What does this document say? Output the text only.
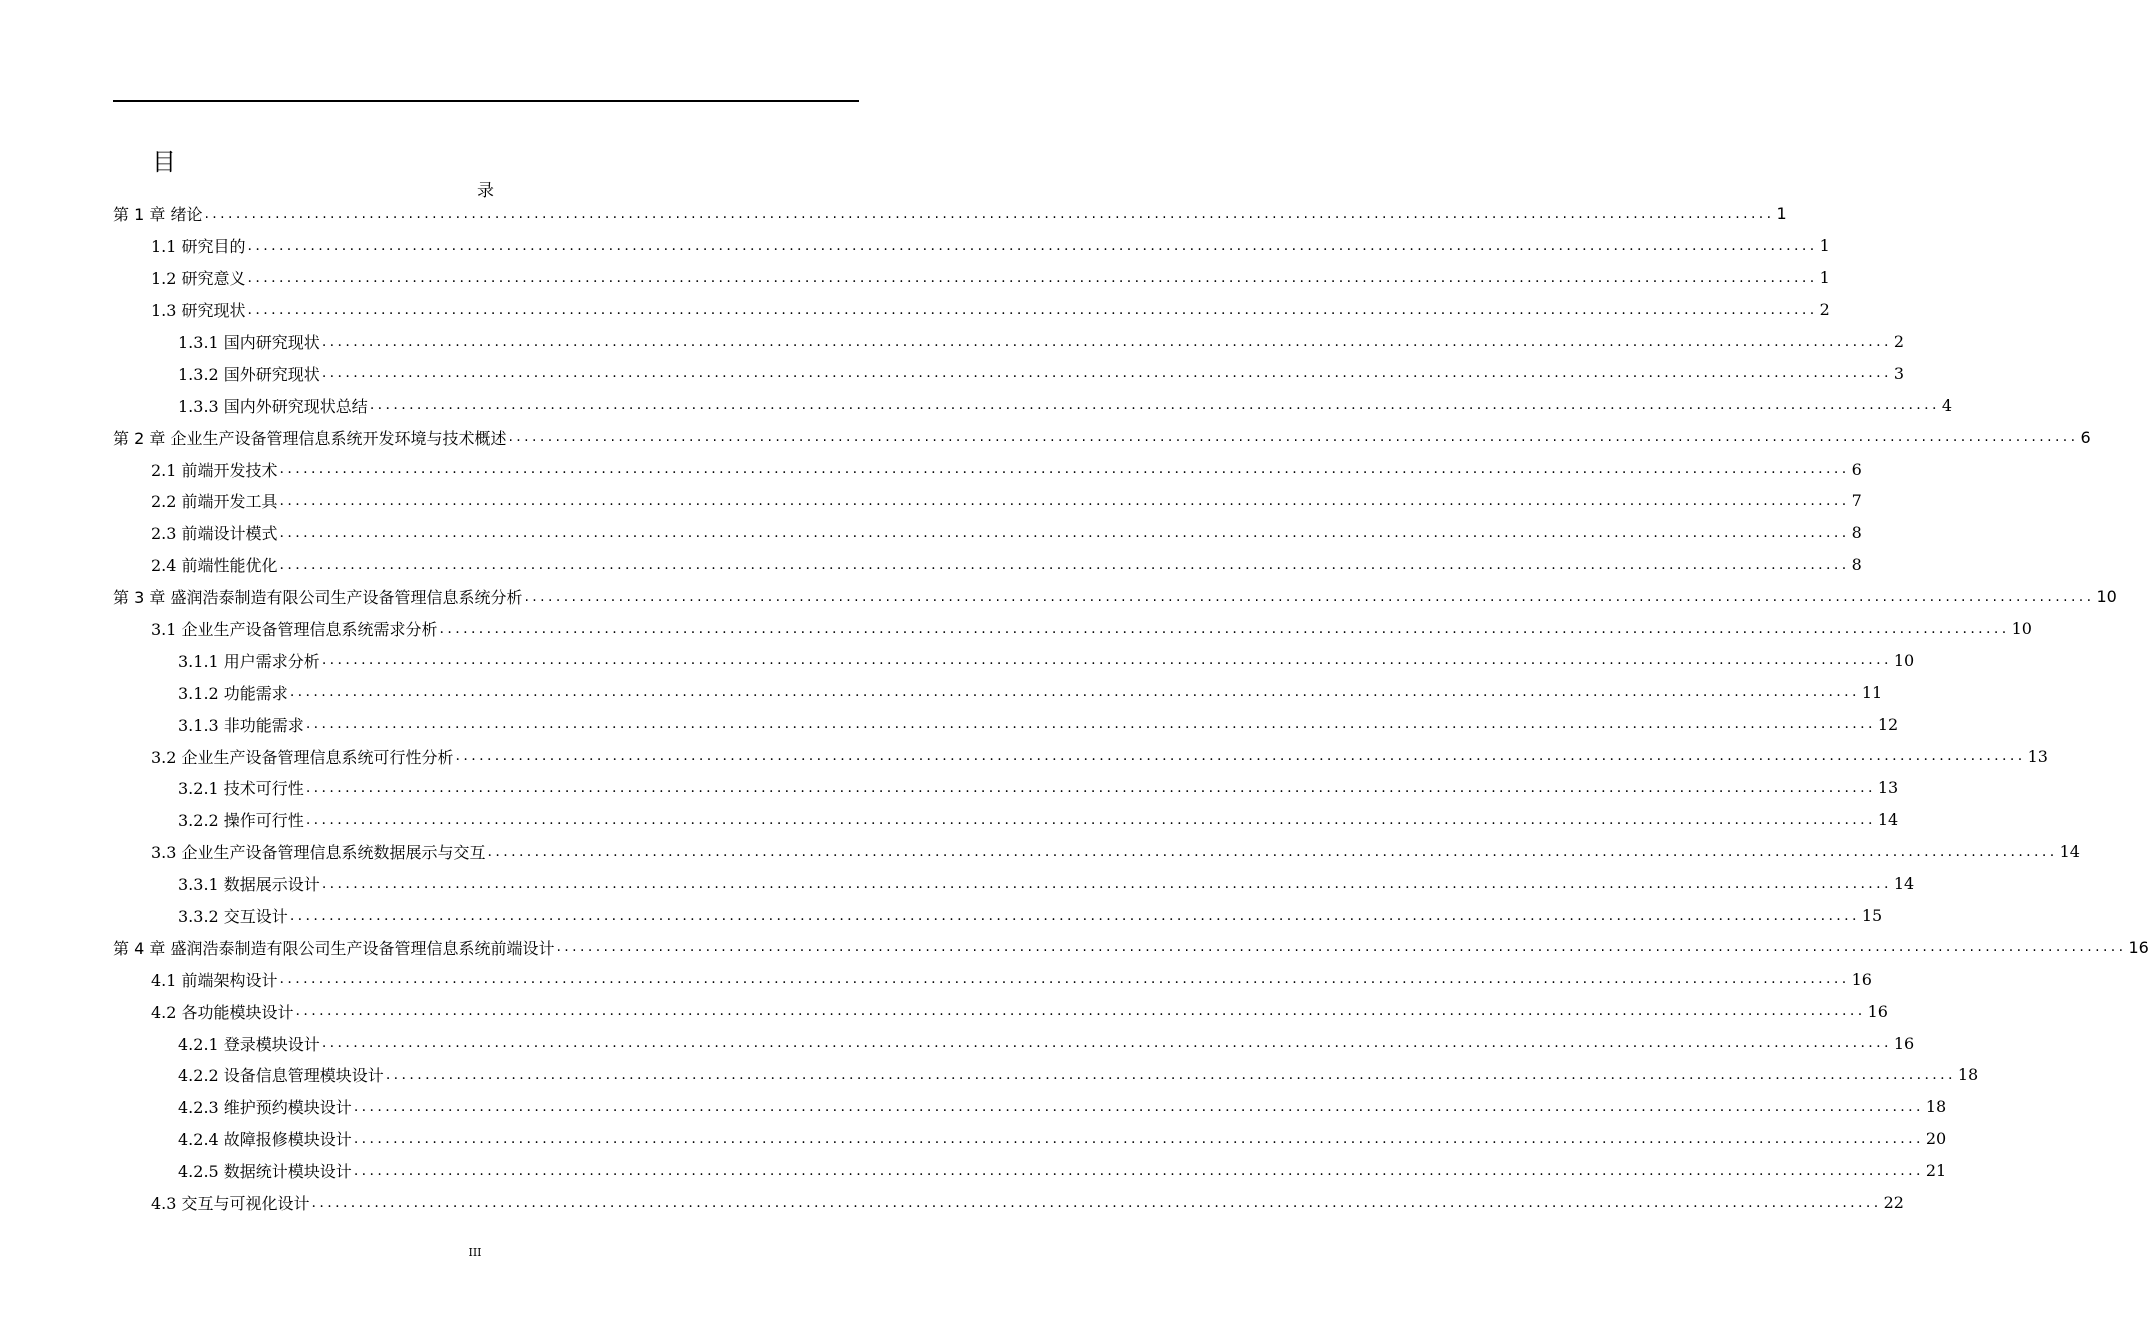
目
录
第 1 章 绪论 ........................................................................................................................................................................................................ 1
1.1 研究目的 ........................................................................................................................................................................................................ 1
1.2 研究意义 ........................................................................................................................................................................................................ 1
1.3 研究现状 ........................................................................................................................................................................................................ 2
1.3.1 国内研究现状 ........................................................................................................................................................................................................ 2
1.3.2 国外研究现状 ........................................................................................................................................................................................................ 3
1.3.3 国内外研究现状总结 ........................................................................................................................................................................................................ 4
第 2 章 企业生产设备管理信息系统开发环境与技术概述 ........................................................................................................................................................................................................ 6
2.1 前端开发技术 ........................................................................................................................................................................................................ 6
2.2 前端开发工具 ........................................................................................................................................................................................................ 7
2.3 前端设计模式 ........................................................................................................................................................................................................ 8
2.4 前端性能优化 ........................................................................................................................................................................................................ 8
第 3 章 盛润浩泰制造有限公司生产设备管理信息系统分析 ........................................................................................................................................................................................................ 10
3.1 企业生产设备管理信息系统需求分析 ........................................................................................................................................................................................................ 10
3.1.1 用户需求分析 ........................................................................................................................................................................................................ 10
3.1.2 功能需求 ........................................................................................................................................................................................................ 11
3.1.3 非功能需求 ........................................................................................................................................................................................................ 12
3.2 企业生产设备管理信息系统可行性分析 ........................................................................................................................................................................................................ 13
3.2.1 技术可行性 ........................................................................................................................................................................................................ 13
3.2.2 操作可行性 ........................................................................................................................................................................................................ 14
3.3 企业生产设备管理信息系统数据展示与交互 ........................................................................................................................................................................................................ 14
3.3.1 数据展示设计 ........................................................................................................................................................................................................ 14
3.3.2 交互设计 ........................................................................................................................................................................................................ 15
第 4 章 盛润浩泰制造有限公司生产设备管理信息系统前端设计 ........................................................................................................................................................................................................ 16
4.1 前端架构设计 ........................................................................................................................................................................................................ 16
4.2 各功能模块设计 ........................................................................................................................................................................................................ 16
4.2.1 登录模块设计 ........................................................................................................................................................................................................ 16
4.2.2 设备信息管理模块设计 ........................................................................................................................................................................................................ 18
4.2.3 维护预约模块设计 ........................................................................................................................................................................................................ 18
4.2.4 故障报修模块设计 ........................................................................................................................................................................................................ 20
4.2.5 数据统计模块设计 ........................................................................................................................................................................................................ 21
4.3 交互与可视化设计 ........................................................................................................................................................................................................ 22
III
